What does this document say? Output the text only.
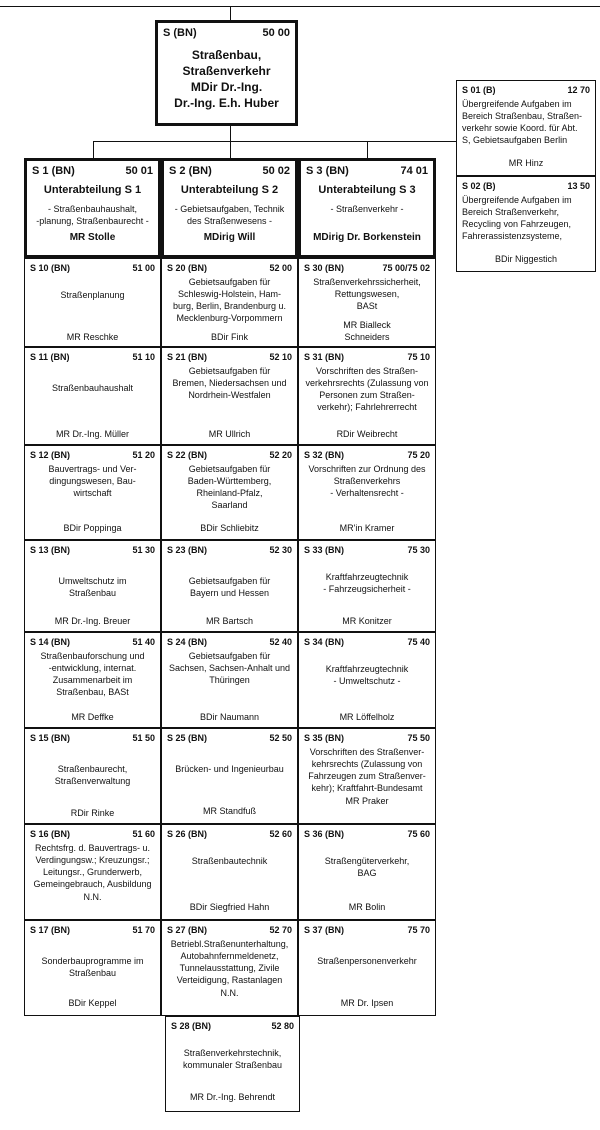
S (BN)	50 00
Straßenbau,
Straßenverkehr
MDir Dr.-Ing.
Dr.-Ing. E.h. Huber
S 01 (B)	12 70
Übergreifende Aufgaben im
Bereich Straßenbau, Straßen-
verkehr sowie Koord. für Abt.
S, Gebietsaufgaben Berlin
MR Hinz
S 02 (B)	13 50
Übergreifende Aufgaben im
Bereich Straßenverkehr,
Recycling von Fahrzeugen,
Fahrerassistenzsysteme,
BDir Niggestich
S 1 (BN)	50 01
Unterabteilung S 1
- Straßenbauhaushalt,
-planung, Straßenbaurecht -
MR Stolle
S 2 (BN)	50 02
Unterabteilung S 2
- Gebietsaufgaben, Technik
des Straßenwesens -
MDirig Will
S 3 (BN)	74 01
Unterabteilung S 3
- Straßenverkehr -
MDirig Dr. Borkenstein
S 10 (BN)	51 00
Straßenplanung
MR Reschke
S 20 (BN)	52 00
Gebietsaufgaben für
Schleswig-Holstein, Ham-
burg, Berlin, Brandenburg u.
Mecklenburg-Vorpommern
BDir Fink
S 30 (BN)	75 00/75 02
Straßenverkehrssicherheit,
Rettungswesen,
BASt
MR Bialleck
Schneiders
S 11 (BN)	51 10
Straßenbauhaushalt
MR Dr.-Ing. Müller
S 21 (BN)	52 10
Gebietsaufgaben für
Bremen, Niedersachsen und
Nordrhein-Westfalen
MR Ullrich
S 31 (BN)	75 10
Vorschriften des Straßen-
verkehrsrechts (Zulassung von
Personen zum Straßen-
verkehr); Fahrlehrerrecht
RDir Weibrecht
S 12 (BN)	51 20
Bauvertrags- und Ver-
dingungswesen, Bau-
wirtschaft
BDir Poppinga
S 22 (BN)	52 20
Gebietsaufgaben für
Baden-Württemberg,
Rheinland-Pfalz,
Saarland
BDir Schliebitz
S 32 (BN)	75 20
Vorschriften zur Ordnung des
Straßenverkehrs
- Verhaltensrecht -
MR'in Kramer
S 13 (BN)	51 30
Umweltschutz im
Straßenbau
MR Dr.-Ing. Breuer
S 23 (BN)	52 30
Gebietsaufgaben für
Bayern und Hessen
MR Bartsch
S 33 (BN)	75 30
Kraftfahrzeugtechnik
- Fahrzeugsicherheit -
MR Konitzer
S 14 (BN)	51 40
Straßenbauforschung und
-entwicklung, internat.
Zusammenarbeit im
Straßenbau, BASt
MR Deffke
S 24 (BN)	52 40
Gebietsaufgaben für
Sachsen, Sachsen-Anhalt und
Thüringen
BDir Naumann
S 34 (BN)	75 40
Kraftfahrzeugtechnik
- Umweltschutz -
MR Löffelholz
S 15 (BN)	51 50
Straßenbaurecht,
Straßenverwaltung
RDir Rinke
S 25 (BN)	52 50
Brücken- und Ingenieurbau
MR Standfuß
S 35 (BN)	75 50
Vorschriften des Straßenver-
kehrsrechts (Zulassung von
Fahrzeugen zum Straßenver-
kehr); Kraftfahrt-Bundesamt
MR Praker
S 16 (BN)	51 60
Rechtsfrg. d. Bauvertrags- u.
Verdingungsw.; Kreuzungsr.;
Leitungsr., Grunderwerb,
Gemeingebrauch, Ausbildung
N.N.
S 26 (BN)	52 60
Straßenbautechnik
BDir Siegfried Hahn
S 36 (BN)	75 60
Straßengüterverkehr,
BAG
MR Bolin
S 17 (BN)	51 70
Sonderbauprogramme im
Straßenbau
BDir Keppel
S 27 (BN)	52 70
Betriebl.Straßenunterhaltung,
Autobahnfernmeldenetz,
Tunnelausstattung, Zivile
Verteidigung, Rastanlagen
N.N.
S 37 (BN)	75 70
Straßenpersonenverkehr
MR Dr. Ipsen
S 28 (BN)	52 80
Straßenverkehrstechnik,
kommunaler Straßenbau
MR Dr.-Ing. Behrendt
